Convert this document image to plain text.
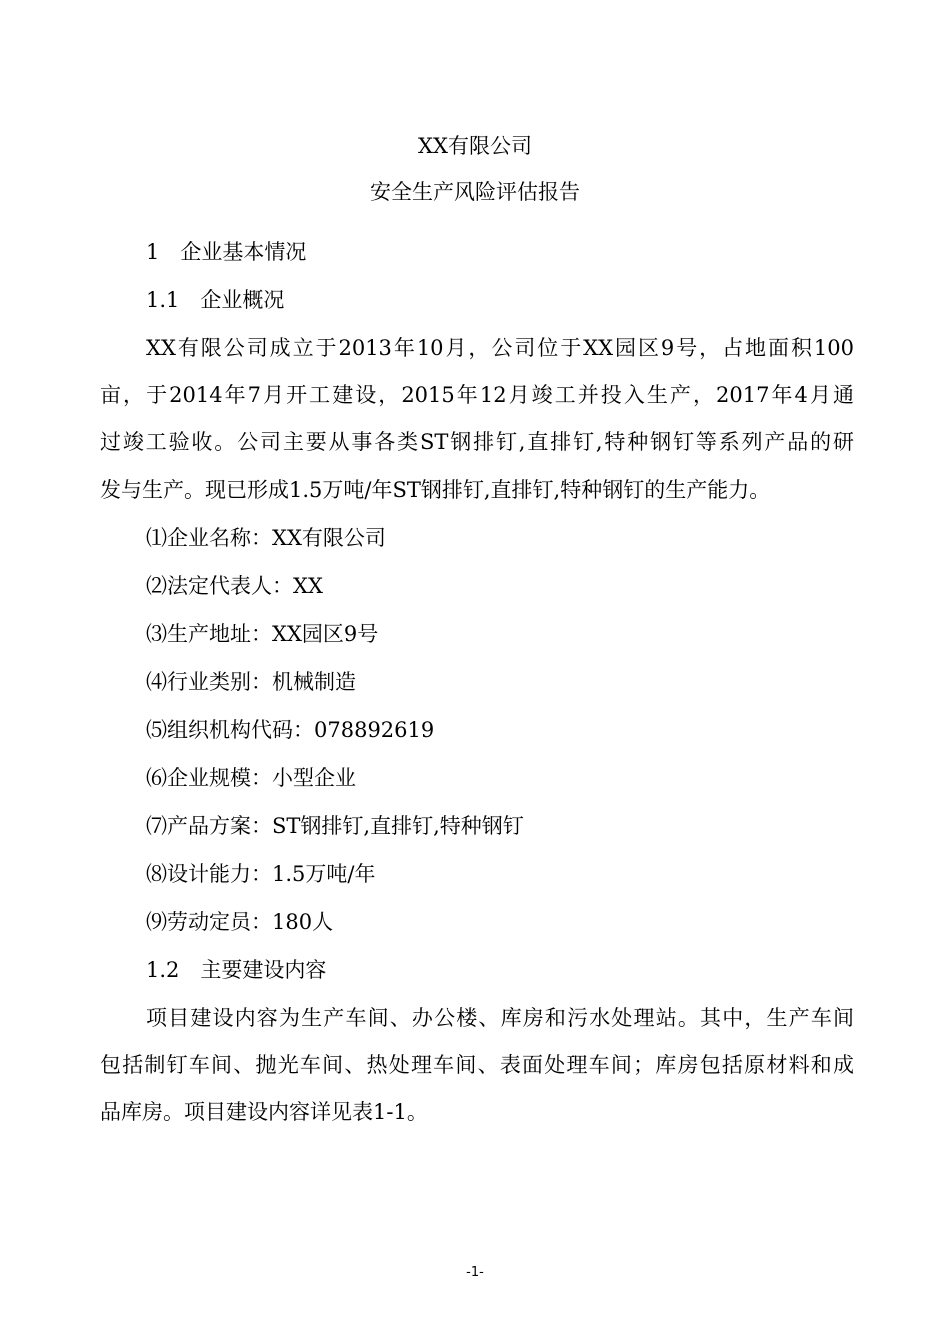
XX有限公司
安全生产风险评估报告
1　企业基本情况
1.1　企业概况
XX有限公司成立于2013年10月，公司位于XX园区9号，占地面积100
亩，于2014年7月开工建设，2015年12月竣工并投入生产，2017年4月通
过竣工验收。公司主要从事各类ST钢排钉,直排钉,特种钢钉等系列产品的研
发与生产。现已形成1.5万吨/年ST钢排钉,直排钉,特种钢钉的生产能力。
⑴企业名称：XX有限公司
⑵法定代表人：XX
⑶生产地址：XX园区9号
⑷行业类别：机械制造
⑸组织机构代码：078892619
⑹企业规模：小型企业
⑺产品方案：ST钢排钉,直排钉,特种钢钉
⑻设计能力：1.5万吨/年
⑼劳动定员：180人
1.2　主要建设内容
项目建设内容为生产车间、办公楼、库房和污水处理站。其中，生产车间
包括制钉车间、抛光车间、热处理车间、表面处理车间；库房包括原材料和成
品库房。项目建设内容详见表1-1。
-1-
